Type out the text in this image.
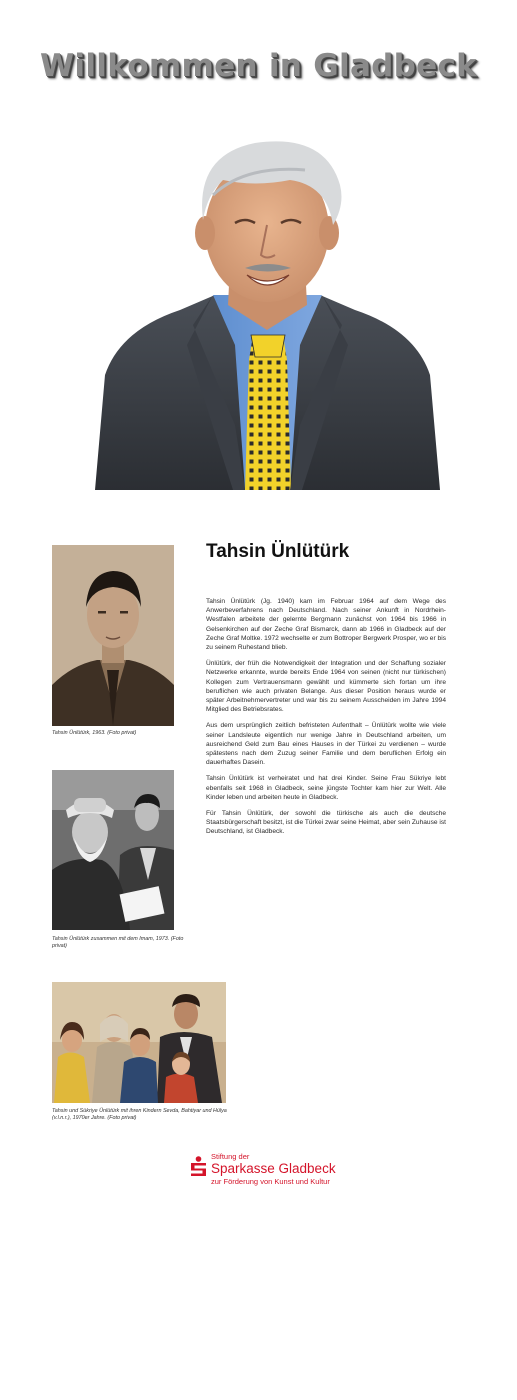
Willkommen in Gladbeck
Tahsin Ünlütürk, 1963. (Foto privat)
Tahsin Ünlütürk zusammen mit dem Imam, 1973. (Foto privat)
Tahsin und Sükriye Ünlütürk mit ihren Kindern Sevda, Bahtiyar und Hülya (v.l.n.r.), 1970er Jahre. (Foto privat)
Tahsin Ünlütürk

Tahsin Ünlütürk (Jg. 1940) kam im Februar 1964 auf dem Wege des Anwerbeverfahrens nach Deutschland. Nach seiner Ankunft in Nordrhein-Westfalen arbeitete der gelernte Bergmann zunächst von 1964 bis 1966 in Gelsenkirchen auf der Zeche Graf Bismarck, dann ab 1966 in Gladbeck auf der Zeche Graf Moltke. 1972 wechselte er zum Bottroper Bergwerk Prosper, wo er bis zu seinem Ruhestand blieb.

Ünlütürk, der früh die Notwendigkeit der Integration und der Schaffung sozialer Netzwerke erkannte, wurde bereits Ende 1964 von seinen (nicht nur türkischen) Kollegen zum Vertrauensmann gewählt und kümmerte sich fortan um ihre beruflichen wie auch privaten Belange. Aus dieser Position heraus wurde er später Arbeitnehmervertreter und war bis zu seinem Ausscheiden im Jahre 1994 Mitglied des Betriebsrates.

Aus dem ursprünglich zeitlich befristeten Aufenthalt – Ünlütürk wollte wie viele seiner Landsleute eigentlich nur wenige Jahre in Deutschland arbeiten, um ausreichend Geld zum Bau eines Hauses in der Türkei zu verdienen – wurde spätestens nach dem Zuzug seiner Familie und dem beruflichen Erfolg ein dauerhaftes Dasein.

Tahsin Ünlütürk ist verheiratet und hat drei Kinder. Seine Frau Sükriye lebt ebenfalls seit 1968 in Gladbeck, seine jüngste Tochter kam hier zur Welt. Alle Kinder leben und arbeiten heute in Gladbeck.

Für Tahsin Ünlütürk, der sowohl die türkische als auch die deutsche Staatsbürgerschaft besitzt, ist die Türkei zwar seine Heimat, aber sein Zuhause ist Deutschland, ist Gladbeck.

Stiftung der
Sparkasse Gladbeck
zur Förderung von Kunst und Kultur
